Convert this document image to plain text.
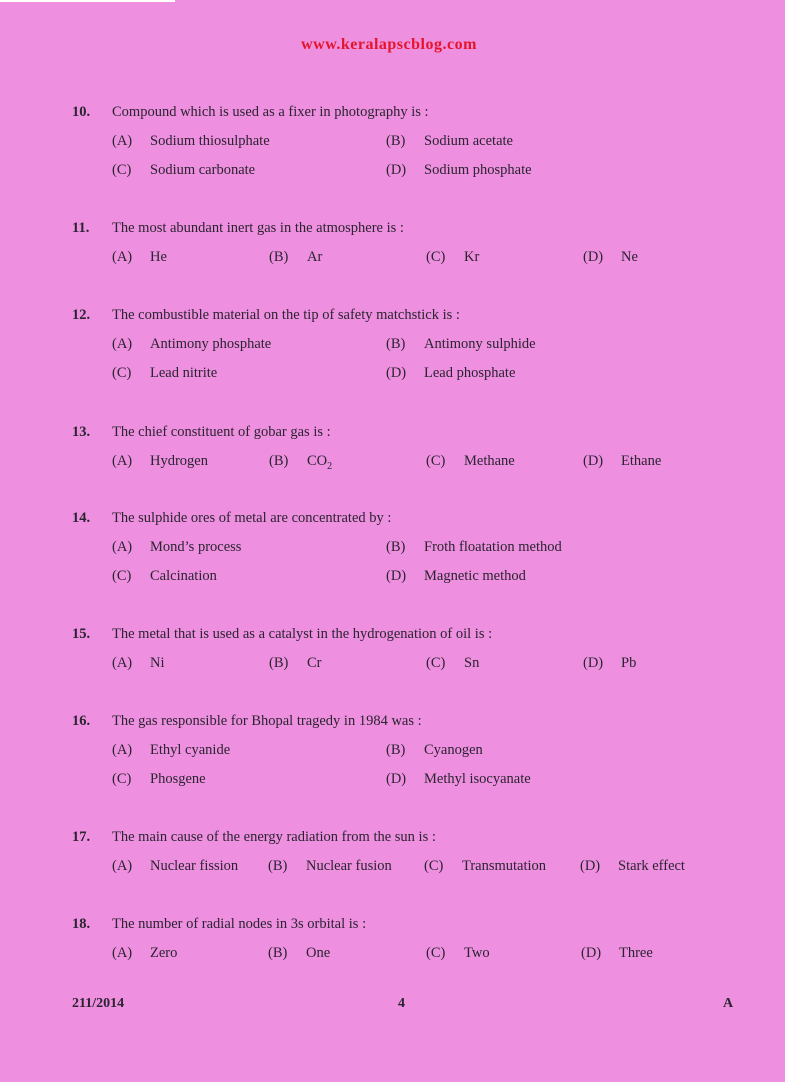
www.keralapscblog.com
10. Compound which is used as a fixer in photography is :
(A) Sodium thiosulphate	(B) Sodium acetate
(C) Sodium carbonate	(D) Sodium phosphate
11. The most abundant inert gas in the atmosphere is :
(A) He	(B) Ar	(C) Kr	(D) Ne
12. The combustible material on the tip of safety matchstick is :
(A) Antimony phosphate	(B) Antimony sulphide
(C) Lead nitrite	(D) Lead phosphate
13. The chief constituent of gobar gas is :
(A) Hydrogen	(B) $CO_2$	(C) Methane	(D) Ethane
14. The sulphide ores of metal are concentrated by :
(A) Mond’s process	(B) Froth floatation method
(C) Calcination	(D) Magnetic method
15. The metal that is used as a catalyst in the hydrogenation of oil is :
(A) Ni	(B) Cr	(C) Sn	(D) Pb
16. The gas responsible for Bhopal tragedy in 1984 was :
(A) Ethyl cyanide	(B) Cyanogen
(C) Phosgene	(D) Methyl isocyanate
17. The main cause of the energy radiation from the sun is :
(A) Nuclear fission (B) Nuclear fusion (C) Transmutation (D) Stark effect
18. The number of radial nodes in 3s orbital is :
(A) Zero	(B) One	(C) Two	(D) Three
211/2014	4	A
